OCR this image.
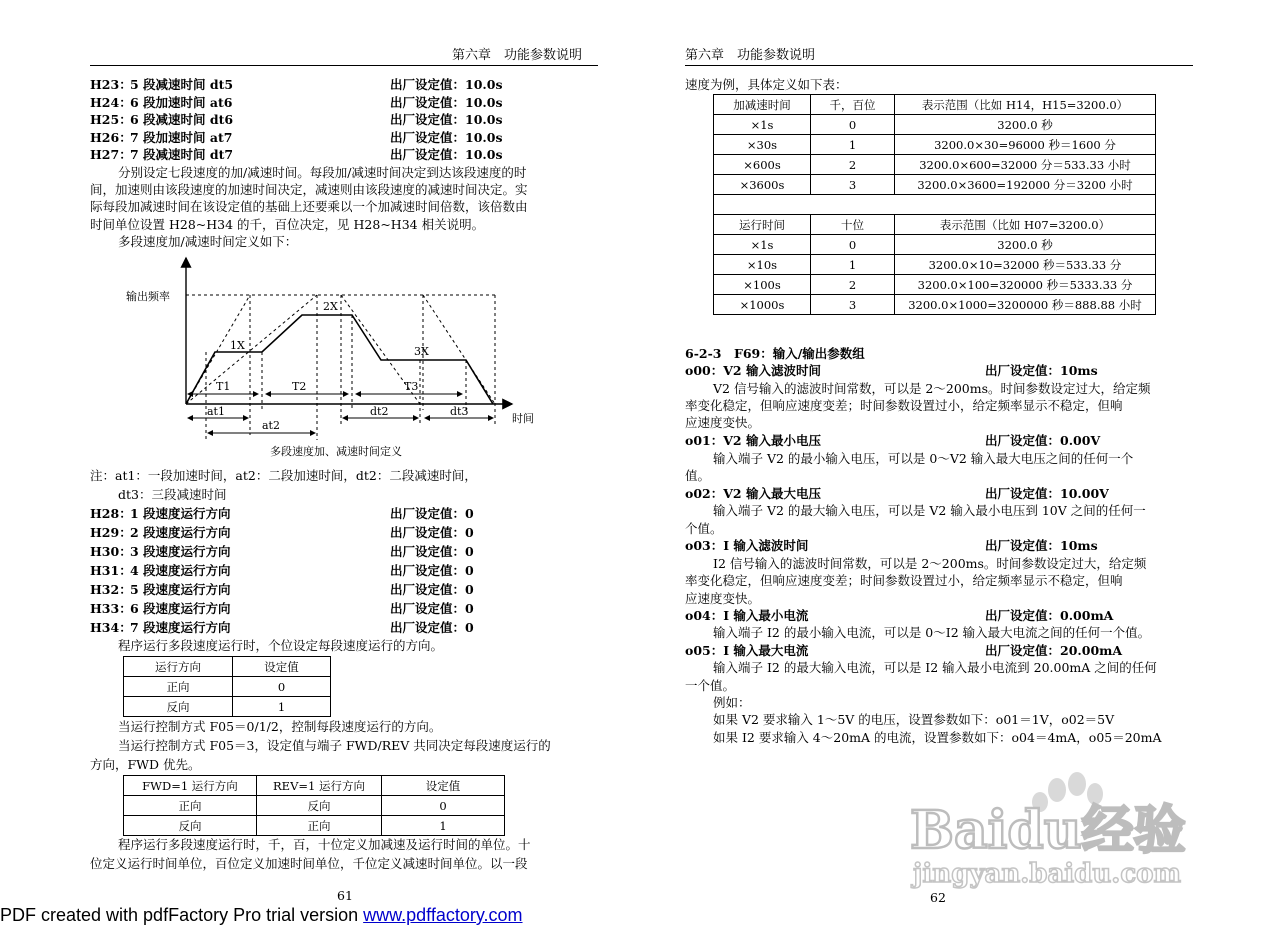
第六章　功能参数说明
H23：
5 段减速时间 dt5	出厂设定值：10.0s
H24：
6 段加速时间 at6	出厂设定值：10.0s
H25：
6 段减速时间 dt6	出厂设定值：10.0s
H26：
7 段加速时间 at7	出厂设定值：10.0s
H27：
7 段减速时间 dt7	出厂设定值：10.0s
分别设定七段速度的加/减速时间。每段加/减速时间决定到达该段速度的时
间，加速则由该段速度的加速时间决定，减速则由该段速度的减速时间决定。实
际每段加减速时间在该设定值的基础上还要乘以一个加减速时间倍数，该倍数由
时间单位设置 H28~H34 的千，百位决定，见 H28~H34 相关说明。
多段速度加/减速时间定义如下：
输出频率
时间
1X
2X
3X
T1	T2	T3
at1
at2
dt2	dt3
多段速度加、减速时间定义
注：at1：一段加速时间，at2：二段加速时间，dt2：二段减速时间，
dt3：三段减速时间
H28：
1 段速度运行方向	出厂设定值：0
H29：
2 段速度运行方向	出厂设定值：0
H30：
3 段速度运行方向	出厂设定值：0
H31：
4 段速度运行方向	出厂设定值：0
H32：
5 段速度运行方向	出厂设定值：0
H33：
6 段速度运行方向	出厂设定值：0
H34：
7 段速度运行方向	出厂设定值：0
程序运行多段速度运行时，个位设定每段速度运行的方向。
运行方向	设定值
正向	0
反向	1
当运行控制方式 F05＝0/1/2，控制每段速度运行的方向。
当运行控制方式 F05＝3，设定值与端子 FWD/REV 共同决定每段速度运行的
方向，FWD 优先。
FWD=1 运行方向	REV=1 运行方向	设定值
正向	反向	0
反向	正向	1
程序运行多段速度运行时，千，百，十位定义加减速及运行时间的单位。十
位定义运行时间单位，百位定义加速时间单位，千位定义减速时间单位。以一段
61
第六章　功能参数说明
速度为例，具体定义如下表：
加减速时间	千，百位	表示范围（比如 H14，H15=3200.0）
×1s	0	3200.0 秒
×30s	1	3200.0×30=96000 秒＝1600 分
×600s	2	3200.0×600=32000 分＝533.33 小时
×3600s	3	3200.0×3600=192000 分＝3200 小时

运行时间	十位	表示范围（比如 H07=3200.0）
×1s	0	3200.0 秒
×10s	1	3200.0×10=32000 秒＝533.33 分
×100s	2	3200.0×100=320000 秒＝5333.33 分
×1000s	3	3200.0×1000=3200000 秒＝888.88 小时
6-2-3　F69：输入/输出参数组
o00：V2 输入滤波时间	出厂设定值：10ms
V2 信号输入的滤波时间常数，可以是 2～200ms。时间参数设定过大，给定频
率变化稳定，但响应速度变差；时间参数设置过小，给定频率显示不稳定，但响
应速度变快。
o01：V2 输入最小电压	出厂设定值：0.00V
输入端子 V2 的最小输入电压，可以是 0～V2 输入最大电压之间的任何一个
值。
o02：V2 输入最大电压	出厂设定值：10.00V
输入端子 V2 的最大输入电压，可以是 V2 输入最小电压到 10V 之间的任何一
个值。
o03：I 输入滤波时间	出厂设定值：10ms
I2 信号输入的滤波时间常数，可以是 2～200ms。时间参数设定过大，给定频
率变化稳定，但响应速度变差；时间参数设置过小，给定频率显示不稳定，但响
应速度变快。
o04：I 输入最小电流	出厂设定值：0.00mA
输入端子 I2 的最小输入电流，可以是 0～I2 输入最大电流之间的任何一个值。
o05：I 输入最大电流	出厂设定值：20.00mA
输入端子 I2 的最大输入电流，可以是 I2 输入最小电流到 20.00mA 之间的任何
一个值。
例如：
如果 V2 要求输入 1～5V 的电压，设置参数如下：o01＝1V，o02＝5V
如果 I2 要求输入 4～20mA 的电流，设置参数如下：o04＝4mA，o05＝20mA
62
Baidu经验
jingyan.baidu.com
PDF created with pdfFactory Pro trial version www.pdffactory.com
